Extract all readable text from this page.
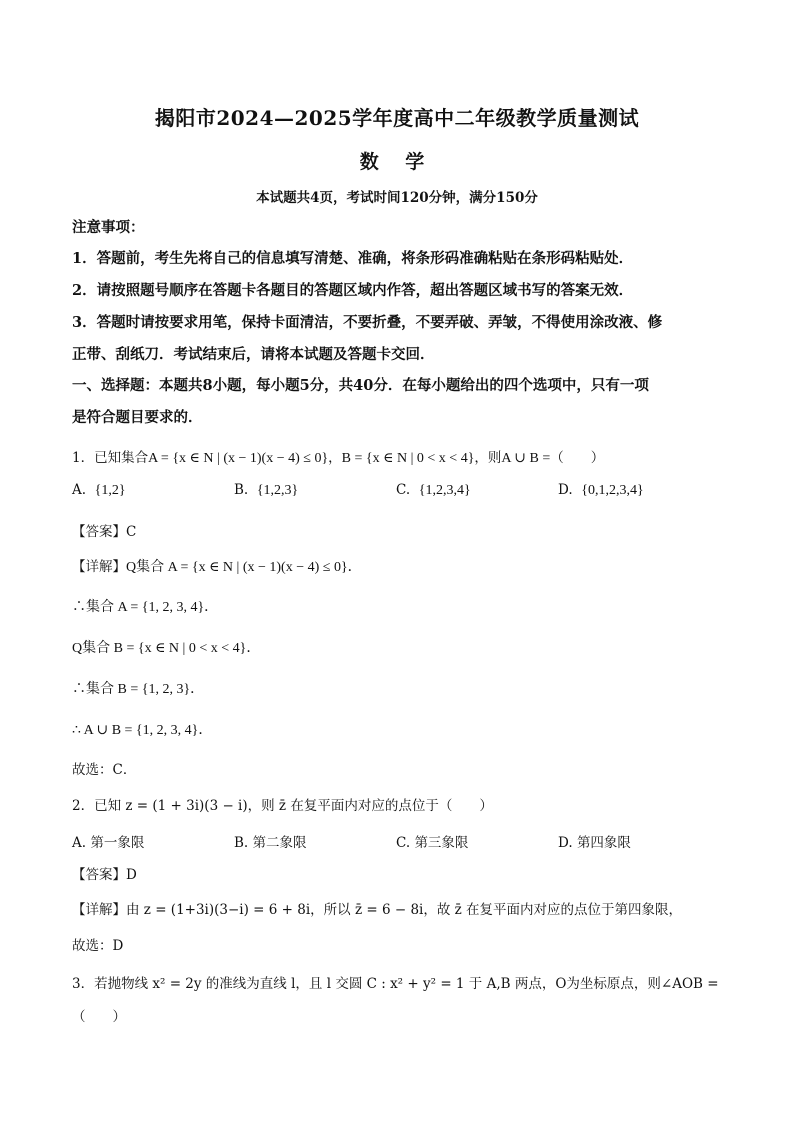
揭阳市2024—2025学年度高中二年级教学质量测试
数 学
本试题共4页，考试时间120分钟，满分150分
注意事项：
1．答题前，考生先将自己的信息填写清楚、准确，将条形码准确粘贴在条形码粘贴处．
2．请按照题号顺序在答题卡各题目的答题区域内作答，超出答题区域书写的答案无效．
3．答题时请按要求用笔，保持卡面清洁，不要折叠，不要弄破、弄皱，不得使用涂改液、修
正带、刮纸刀．考试结束后，请将本试题及答题卡交回．
一、选择题：本题共8小题，每小题5分，共40分．在每小题给出的四个选项中，只有一项
是符合题目要求的．
1．已知集合A = {x ∈ N | (x − 1)(x − 4) ≤ 0}，B = {x ∈ N | 0 < x < 4}，则A ∪ B =（　　）
A. {1,2}	B. {1,2,3}	C. {1,2,3,4}	D. {0,1,2,3,4}
【答案】C
【详解】Q集合 A = {x ∈ N | (x − 1)(x − 4) ≤ 0}．
∴集合 A = {1, 2, 3, 4}．
Q集合 B = {x ∈ N | 0 < x < 4}．
∴集合 B = {1, 2, 3}．
∴ A ∪ B = {1, 2, 3, 4}．
故选：C．
2．已知 z = (1 + 3i)(3 − i)，则 z̄ 在复平面内对应的点位于（　　）
A. 第一象限	B. 第二象限	C. 第三象限	D. 第四象限
【答案】D
【详解】由 z = (1+3i)(3−i) = 6 + 8i，所以 z̄ = 6 − 8i，故 z̄ 在复平面内对应的点位于第四象限，
故选：D
3．若抛物线 x² = 2y 的准线为直线 l，且 l 交圆 C : x² + y² = 1 于 A,B 两点，O为坐标原点，则∠AOB =
（　　）
